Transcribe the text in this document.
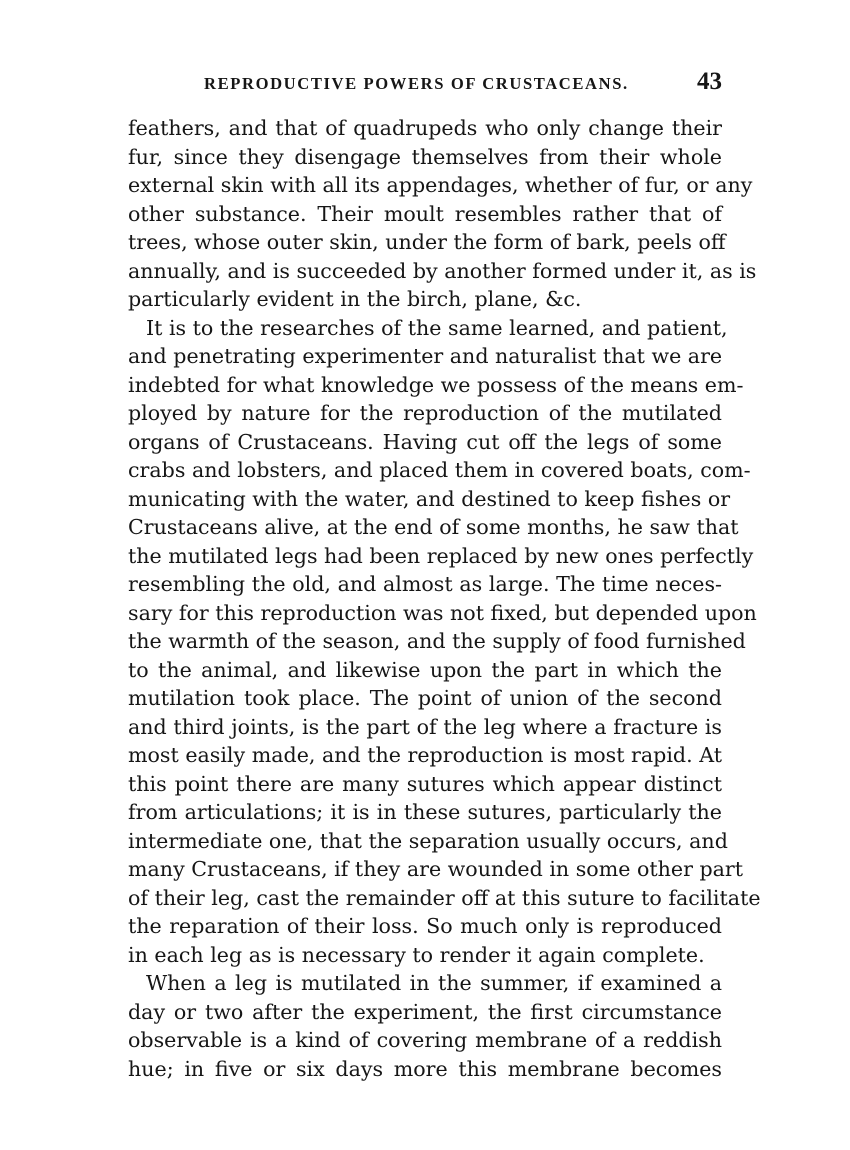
REPRODUCTIVE POWERS OF CRUSTACEANS.	43
feathers, and that of quadrupeds who only change their
fur, since they disengage themselves from their whole
external skin with all its appendages, whether of fur, or any
other substance. Their moult resembles rather that of
trees, whose outer skin, under the form of bark, peels off
annually, and is succeeded by another formed under it, as is
particularly evident in the birch, plane, &c.
It is to the researches of the same learned, and patient,
and penetrating experimenter and naturalist that we are
indebted for what knowledge we possess of the means em-
ployed by nature for the reproduction of the mutilated
organs of Crustaceans. Having cut off the legs of some
crabs and lobsters, and placed them in covered boats, com-
municating with the water, and destined to keep fishes or
Crustaceans alive, at the end of some months, he saw that
the mutilated legs had been replaced by new ones perfectly
resembling the old, and almost as large. The time neces-
sary for this reproduction was not fixed, but depended upon
the warmth of the season, and the supply of food furnished
to the animal, and likewise upon the part in which the
mutilation took place. The point of union of the second
and third joints, is the part of the leg where a fracture is
most easily made, and the reproduction is most rapid. At
this point there are many sutures which appear distinct
from articulations; it is in these sutures, particularly the
intermediate one, that the separation usually occurs, and
many Crustaceans, if they are wounded in some other part
of their leg, cast the remainder off at this suture to facilitate
the reparation of their loss. So much only is reproduced
in each leg as is necessary to render it again complete.
When a leg is mutilated in the summer, if examined a
day or two after the experiment, the first circumstance
observable is a kind of covering membrane of a reddish
hue; in five or six days more this membrane becomes
